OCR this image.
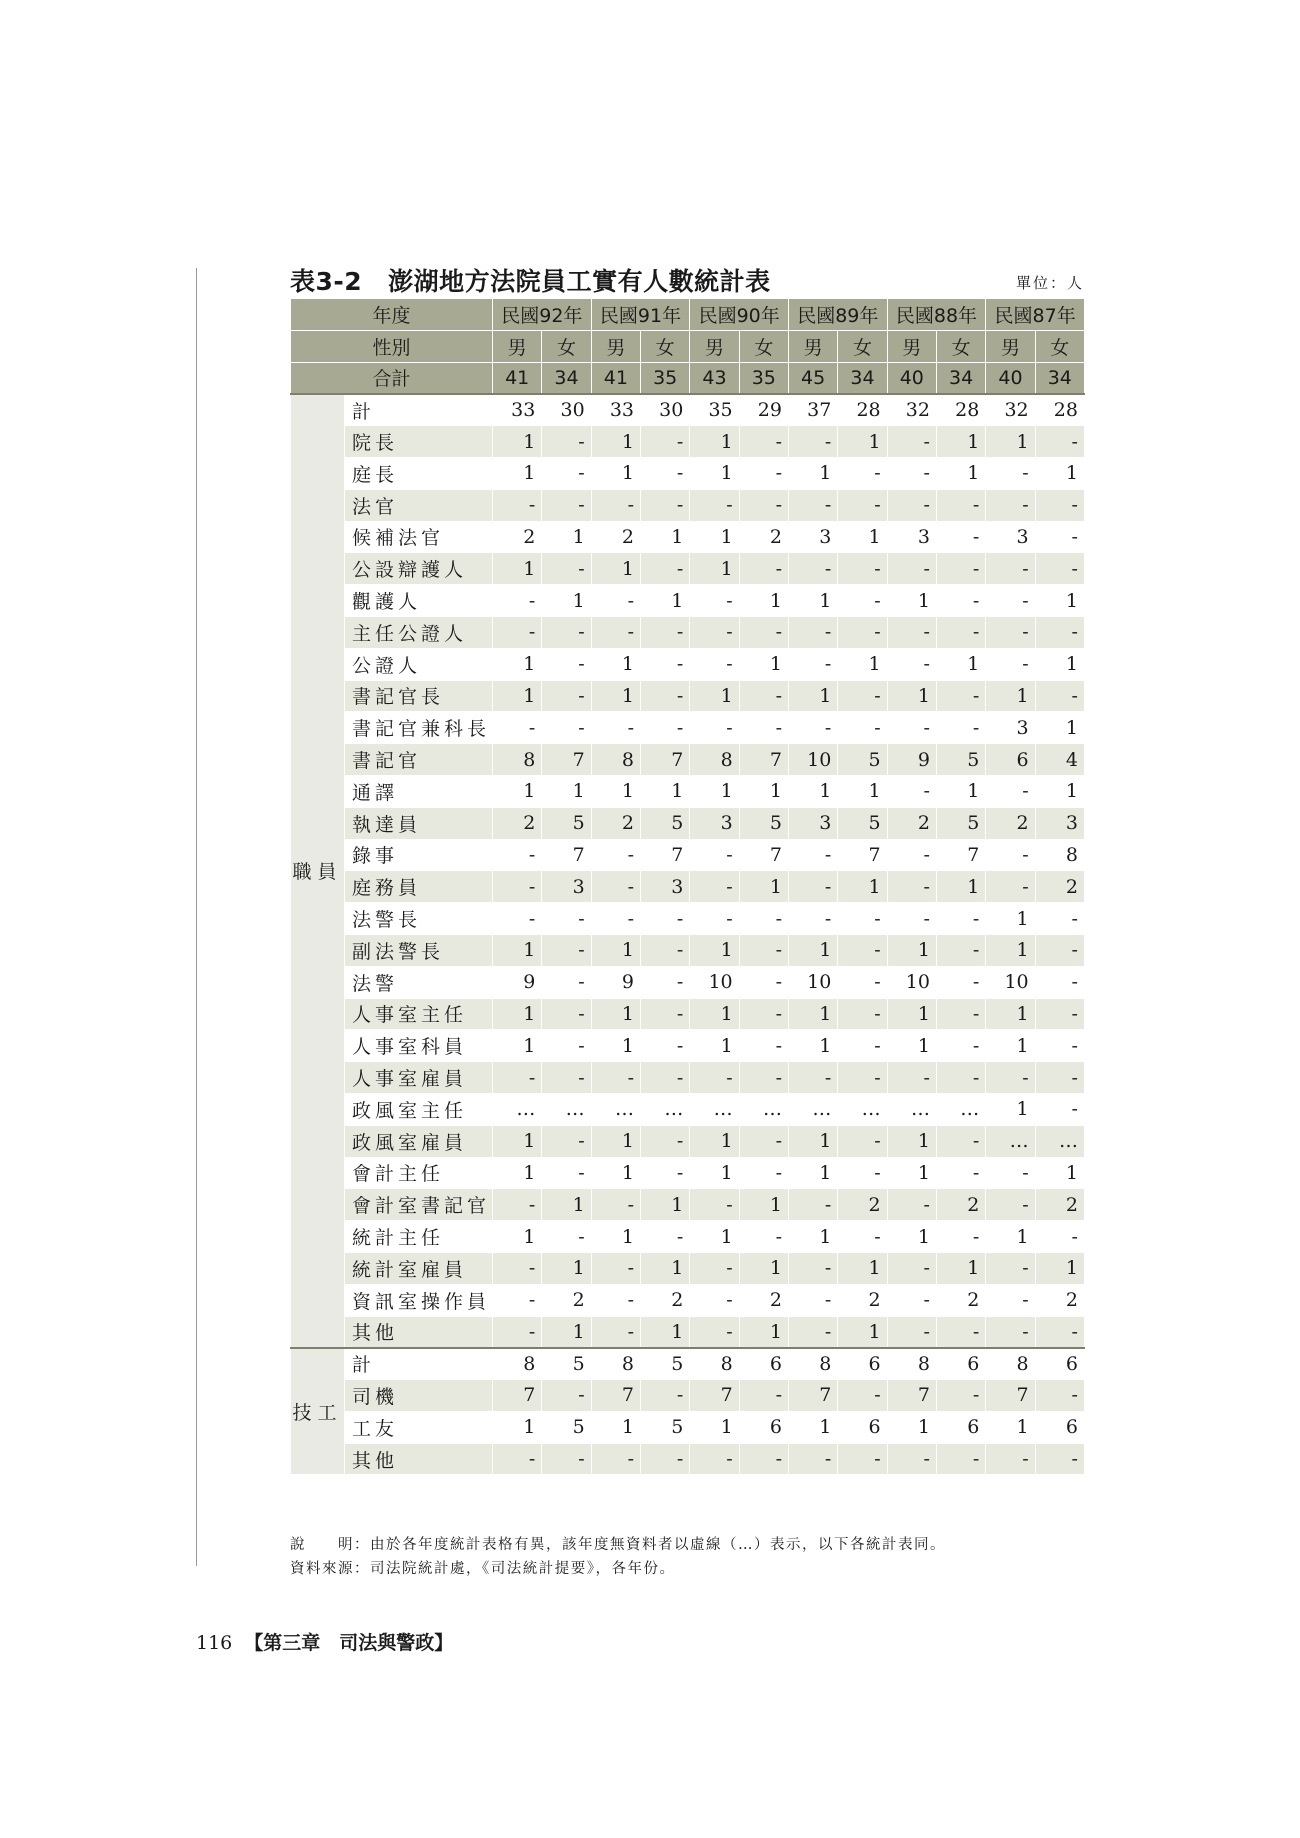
表3-2 澎湖地方法院員工實有人數統計表	單位：人
年度		民國92年		民國91年		民國90年		民國89年		民國88年		民國87年	
性別		男	女	男	女	男	女	男	女	男	女	男	女
合計		41	34	41	35	43	35	45	34	40	34	40	34
職員	計	33	30	33	30	35	29	37	28	32	28	32	28
	院長	1	-	1	-	1	-	-	1	-	1	1	-
	庭長	1	-	1	-	1	-	1	-	-	1	-	1
	法官	-	-	-	-	-	-	-	-	-	-	-	-
	候補法官	2	1	2	1	1	2	3	1	3	-	3	-
	公設辯護人	1	-	1	-	1	-	-	-	-	-	-	-
	觀護人	-	1	-	1	-	1	1	-	1	-	-	1
	主任公證人	-	-	-	-	-	-	-	-	-	-	-	-
	公證人	1	-	1	-	-	1	-	1	-	1	-	1
	書記官長	1	-	1	-	1	-	1	-	1	-	1	-
	書記官兼科長	-	-	-	-	-	-	-	-	-	-	3	1
	書記官	8	7	8	7	8	7	10	5	9	5	6	4
	通譯	1	1	1	1	1	1	1	1	-	1	-	1
	執達員	2	5	2	5	3	5	3	5	2	5	2	3
	錄事	-	7	-	7	-	7	-	7	-	7	-	8
	庭務員	-	3	-	3	-	1	-	1	-	1	-	2
	法警長	-	-	-	-	-	-	-	-	-	-	1	-
	副法警長	1	-	1	-	1	-	1	-	1	-	1	-
	法警	9	-	9	-	10	-	10	-	10	-	10	-
	人事室主任	1	-	1	-	1	-	1	-	1	-	1	-
	人事室科員	1	-	1	-	1	-	1	-	1	-	1	-
	人事室雇員	-	-	-	-	-	-	-	-	-	-	-	-
	政風室主任	…	…	…	…	…	…	…	…	…	…	1	-
	政風室雇員	1	-	1	-	1	-	1	-	1	-	…	…
	會計主任	1	-	1	-	1	-	1	-	1	-	-	1
	會計室書記官	-	1	-	1	-	1	-	2	-	2	-	2
	統計主任	1	-	1	-	1	-	1	-	1	-	1	-
	統計室雇員	-	1	-	1	-	1	-	1	-	1	-	1
	資訊室操作員	-	2	-	2	-	2	-	2	-	2	-	2
	其他	-	1	-	1	-	1	-	1	-	-	-	-
技工	計	8	5	8	5	8	6	8	6	8	6	8	6
	司機	7	-	7	-	7	-	7	-	7	-	7	-
	工友	1	5	1	5	1	6	1	6	1	6	1	6
	其他	-	-	-	-	-	-	-	-	-	-	-	-
說　　明：由於各年度統計表格有異，該年度無資料者以虛線（…）表示，以下各統計表同。
資料來源：司法院統計處，《司法統計提要》，各年份。
116 【第三章　司法與警政】
